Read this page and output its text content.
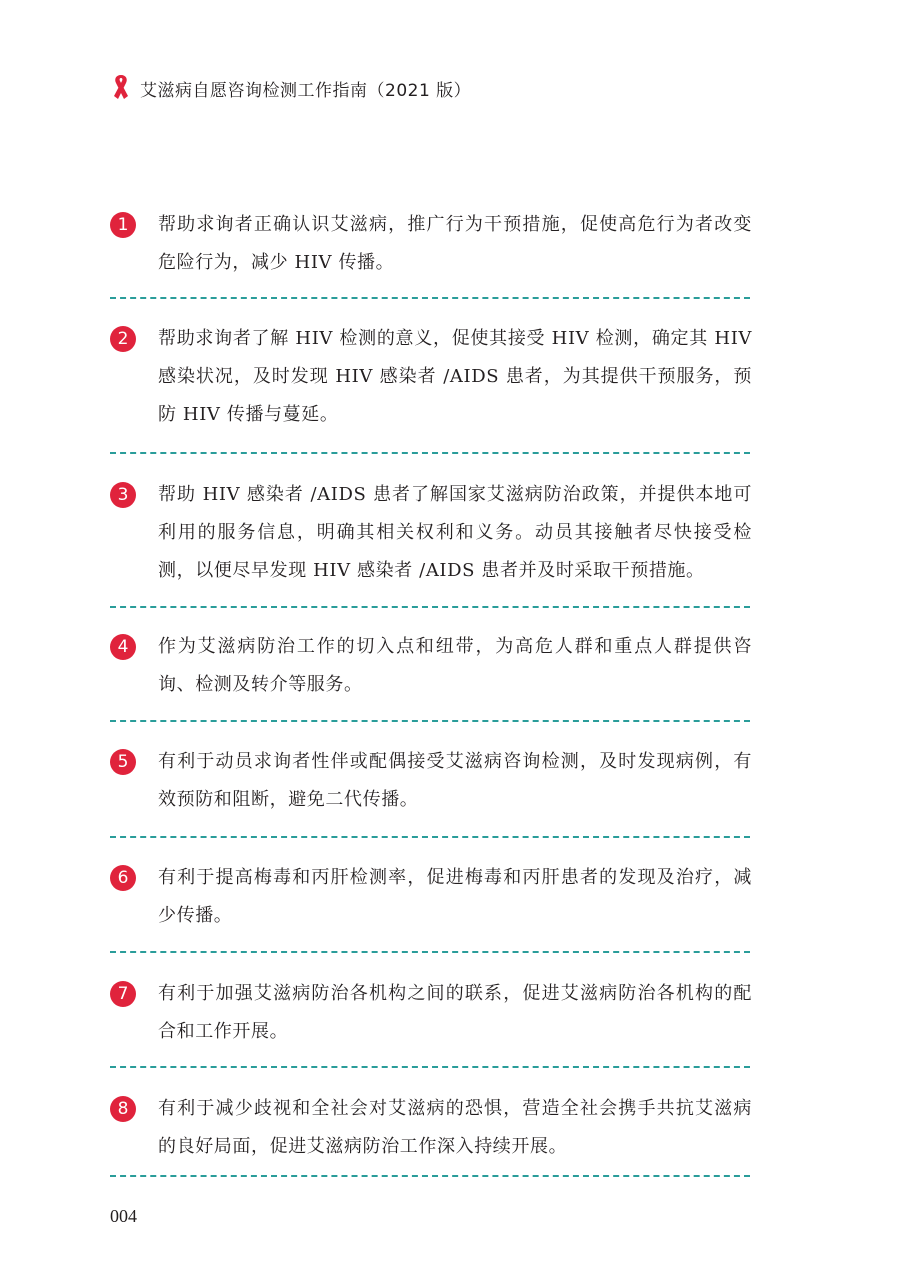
艾滋病自愿咨询检测工作指南（2021 版）
1	帮助求询者正确认识艾滋病，推广行为干预措施，促使高危行为者改变危险行为，减少 HIV 传播。
2	帮助求询者了解 HIV 检测的意义，促使其接受 HIV 检测，确定其 HIV 感染状况，及时发现 HIV 感染者 /AIDS 患者，为其提供干预服务，预防 HIV 传播与蔓延。
3	帮助 HIV 感染者 /AIDS 患者了解国家艾滋病防治政策，并提供本地可利用的服务信息，明确其相关权利和义务。动员其接触者尽快接受检测，以便尽早发现 HIV 感染者 /AIDS 患者并及时采取干预措施。
4	作为艾滋病防治工作的切入点和纽带，为高危人群和重点人群提供咨询、检测及转介等服务。
5	有利于动员求询者性伴或配偶接受艾滋病咨询检测，及时发现病例，有效预防和阻断，避免二代传播。
6	有利于提高梅毒和丙肝检测率，促进梅毒和丙肝患者的发现及治疗，减少传播。
7	有利于加强艾滋病防治各机构之间的联系，促进艾滋病防治各机构的配合和工作开展。
8	有利于减少歧视和全社会对艾滋病的恐惧，营造全社会携手共抗艾滋病的良好局面，促进艾滋病防治工作深入持续开展。
004
